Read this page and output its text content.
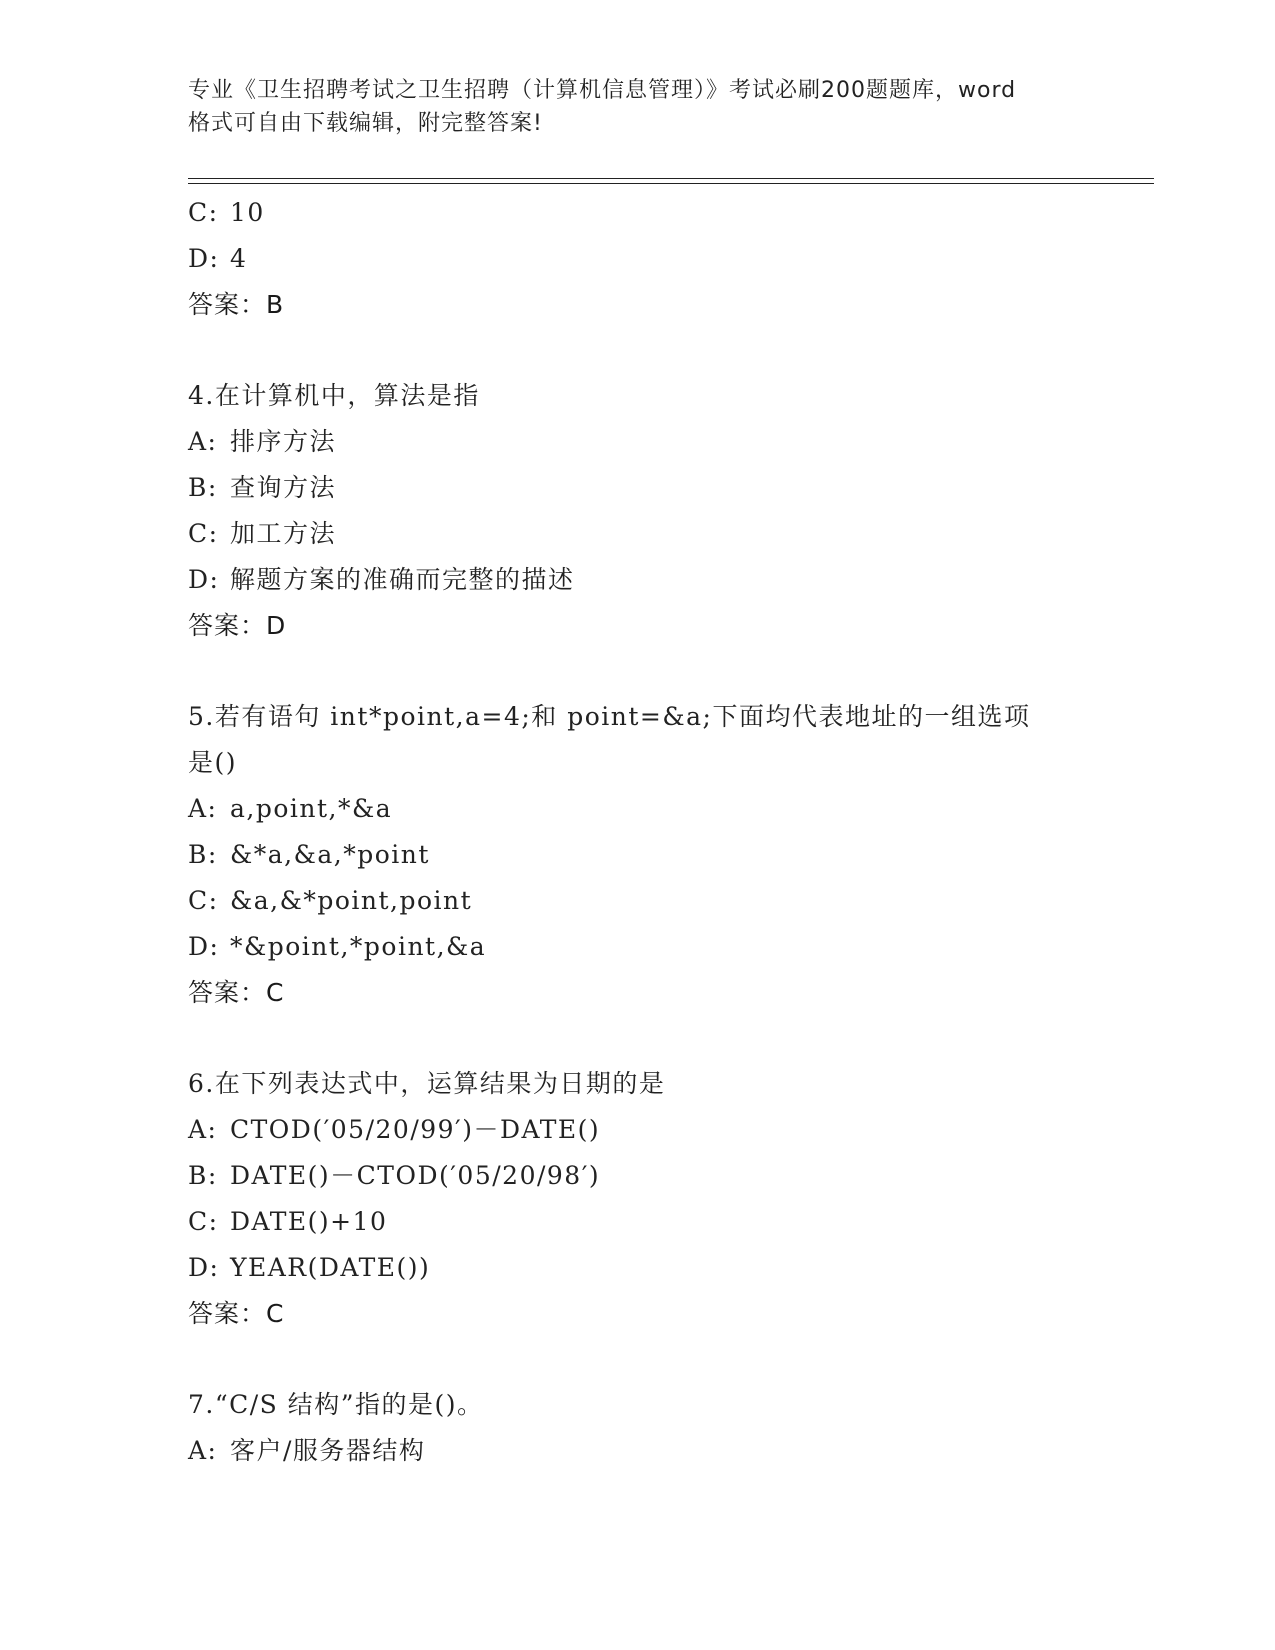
专业《卫生招聘考试之卫生招聘（计算机信息管理）》考试必刷200题题库，word
格式可自由下载编辑，附完整答案!
C: 10
D: 4
答案：B
4.在计算机中，算法是指
A: 排序方法
B: 查询方法
C: 加工方法
D: 解题方案的准确而完整的描述
答案：D
5.若有语句 int*point,a=4;和 point=&a;下面均代表地址的一组选项
是()
A: a,point,*&a
B: &*a,&a,*point
C: &a,&*point,point
D: *&point,*point,&a
答案：C
6.在下列表达式中，运算结果为日期的是
A: CTOD(′05/20/99′)－DATE()
B: DATE()－CTOD(′05/20/98′)
C: DATE()+10
D: YEAR(DATE())
答案：C
7.“C/S 结构”指的是()。
A: 客户/服务器结构
